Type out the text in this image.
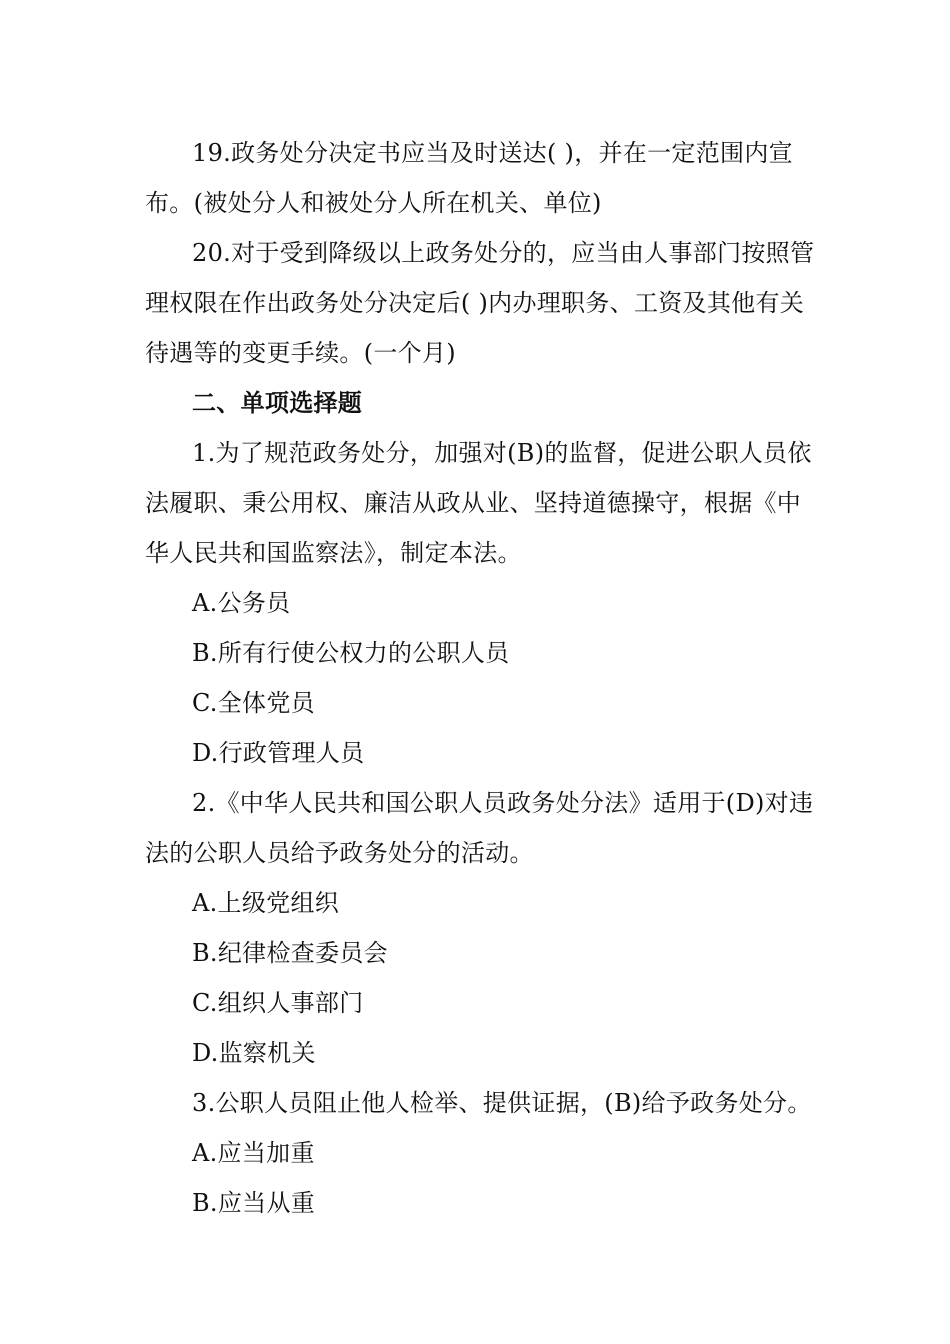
19.政务处分决定书应当及时送达( )，并在一定范围内宣
布。(被处分人和被处分人所在机关、单位)
20.对于受到降级以上政务处分的，应当由人事部门按照管
理权限在作出政务处分决定后( )内办理职务、工资及其他有关
待遇等的变更手续。(一个月)
二、单项选择题
1.为了规范政务处分，加强对(B)的监督，促进公职人员依
法履职、秉公用权、廉洁从政从业、坚持道德操守，根据《中
华人民共和国监察法》，制定本法。
A.公务员
B.所有行使公权力的公职人员
C.全体党员
D.行政管理人员
2.《中华人民共和国公职人员政务处分法》适用于(D)对违
法的公职人员给予政务处分的活动。
A.上级党组织
B.纪律检查委员会
C.组织人事部门
D.监察机关
3.公职人员阻止他人检举、提供证据，(B)给予政务处分。
A.应当加重
B.应当从重
